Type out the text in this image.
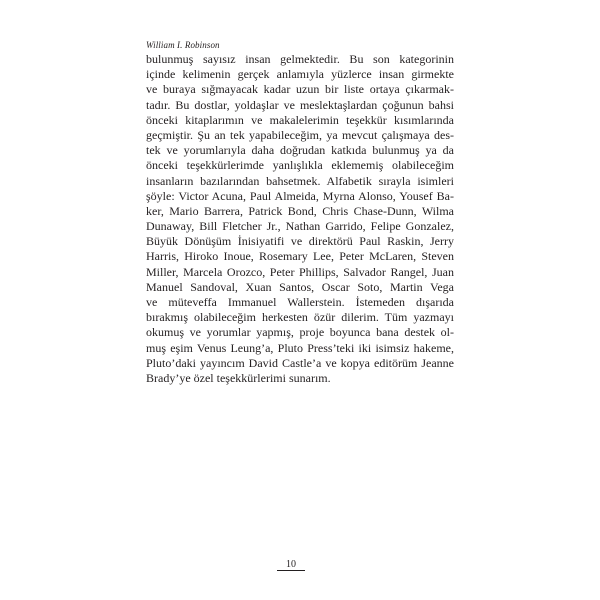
William I. Robinson
bulunmuş sayısız insan gelmektedir. Bu son kategorinin
içinde kelimenin gerçek anlamıyla yüzlerce insan girmekte
ve buraya sığmayacak kadar uzun bir liste ortaya çıkarmak-
tadır. Bu dostlar, yoldaşlar ve meslektaşlardan çoğunun bahsi
önceki kitaplarımın ve makalelerimin teşekkür kısımlarında
geçmiştir. Şu an tek yapabileceğim, ya mevcut çalışmaya des-
tek ve yorumlarıyla daha doğrudan katkıda bulunmuş ya da
önceki teşekkürlerimde yanlışlıkla eklememiş olabileceğim
insanların bazılarından bahsetmek. Alfabetik sırayla isimleri
şöyle: Victor Acuna, Paul Almeida, Myrna Alonso, Yousef Ba-
ker, Mario Barrera, Patrick Bond, Chris Chase-Dunn, Wilma
Dunaway, Bill Fletcher Jr., Nathan Garrido, Felipe Gonzalez,
Büyük Dönüşüm İnisiyatifi ve direktörü Paul Raskin, Jerry
Harris, Hiroko Inoue, Rosemary Lee, Peter McLaren, Steven
Miller, Marcela Orozco, Peter Phillips, Salvador Rangel, Juan
Manuel Sandoval, Xuan Santos, Oscar Soto, Martin Vega
ve müteveffa Immanuel Wallerstein. İstemeden dışarıda
bırakmış olabileceğim herkesten özür dilerim. Tüm yazmayı
okumuş ve yorumlar yapmış, proje boyunca bana destek ol-
muş eşim Venus Leung’a, Pluto Press’teki iki isimsiz hakeme,
Pluto’daki yayıncım David Castle’a ve kopya editörüm Jeanne
Brady’ye özel teşekkürlerimi sunarım.
10
